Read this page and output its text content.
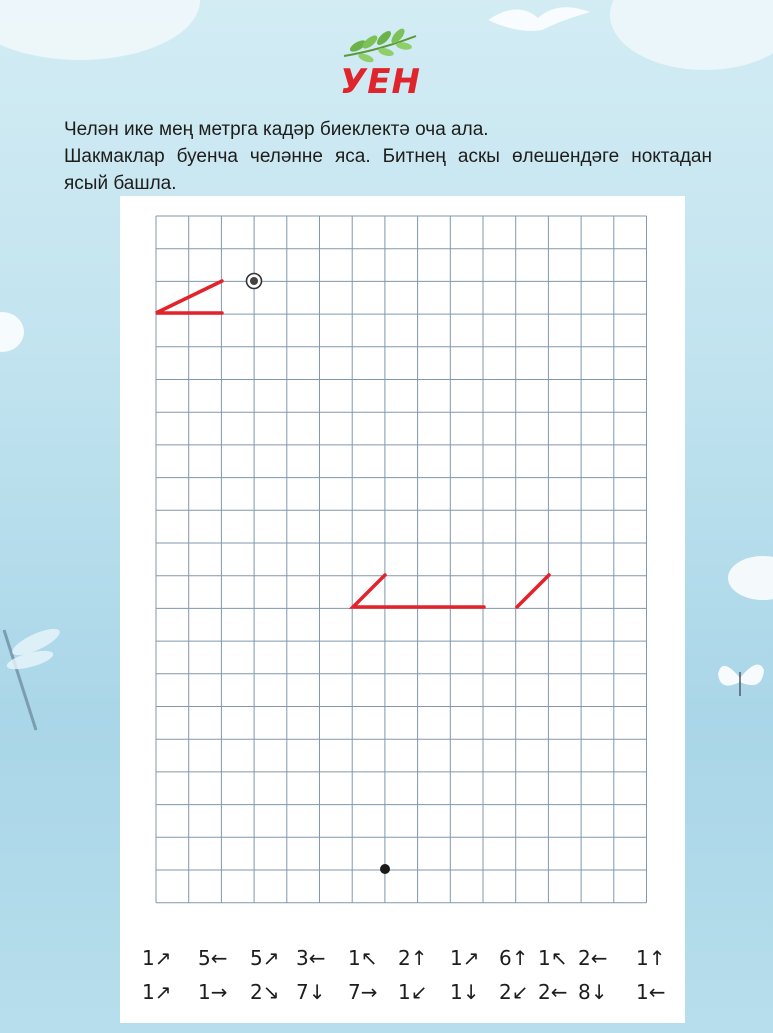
УЕН

Челән ике мең метрга кадәр биеклектә оча ала.

Шакмаклар буенча челәнне яса. Битнең аскы өлешендәге ноктадан ясый башла.

1↗ 5← 5↗ 3← 1↖ 2↑ 1↗ 6↑ 1↖ 2← 1↑
1↗ 1→ 2↘ 7↓ 7→ 1↙ 1↓ 2↙ 2← 8↓ 1←
